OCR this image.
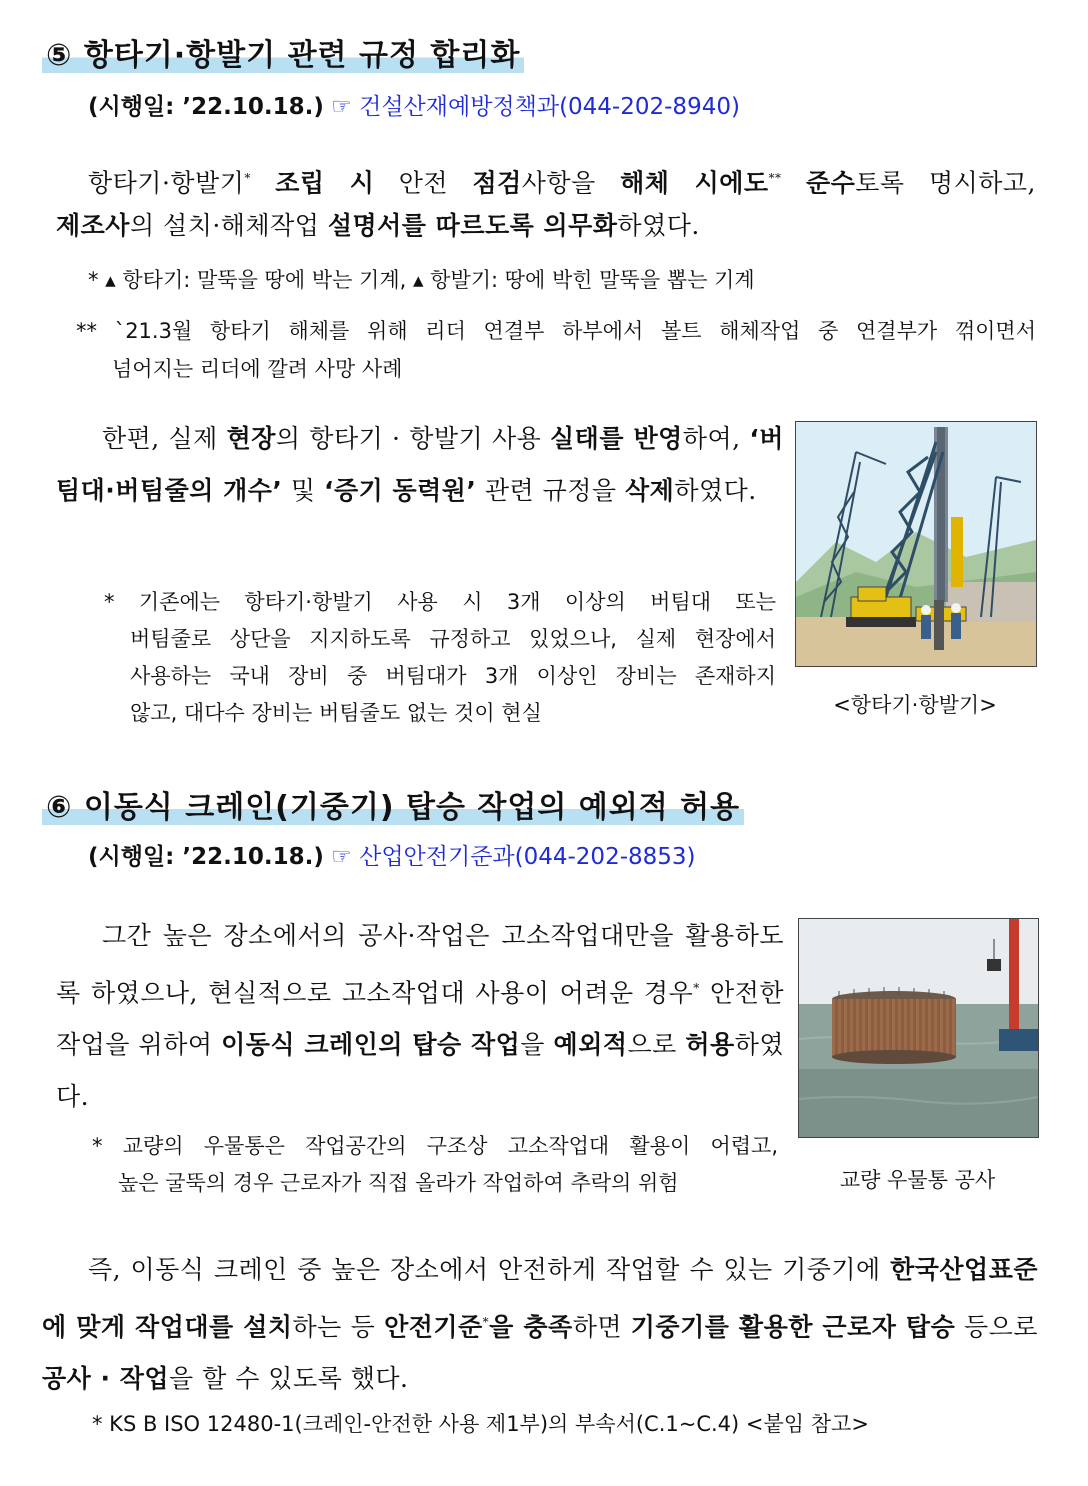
⑤ 항타기·항발기 관련 규정 합리화
(시행일: ’22.10.18.) ☞ 건설산재예방정책과(044-202-8940)
항타기·항발기* 조립 시 안전 점검사항을 해체 시에도** 준수토록 명시하고,
제조사의 설치·해체작업 설명서를 따르도록 의무화하였다.
* ▴ 항타기: 말뚝을 땅에 박는 기계, ▴ 항발기: 땅에 박힌 말뚝을 뽑는 기계
** `21.3월 항타기 해체를 위해 리더 연결부 하부에서 볼트 해체작업 중 연결부가 꺾이면서
넘어지는 리더에 깔려 사망 사례
한편, 실제 현장의 항타기 · 항발기 사용 실태를 반영하여, ‘버팀대·버팀줄의 개수’ 및 ‘증기 동력원’ 관련 규정을 삭제하였다.
* 기존에는 항타기·항발기 사용 시 3개 이상의 버팀대 또는
버팀줄로 상단을 지지하도록 규정하고 있었으나, 실제 현장에서
사용하는 국내 장비 중 버팀대가 3개 이상인 장비는 존재하지
않고, 대다수 장비는 버팀줄도 없는 것이 현실	<항타기·항발기>
⑥ 이동식 크레인(기중기) 탑승 작업의 예외적 허용
(시행일: ’22.10.18.) ☞ 산업안전기준과(044-202-8853)
그간 높은 장소에서의 공사·작업은 고소작업대만을 활용하도록 하였으나, 현실적으로 고소작업대 사용이 어려운 경우* 안전한 작업을 위하여 이동식 크레인의 탑승 작업을 예외적으로 허용하였다.
* 교량의 우물통은 작업공간의 구조상 고소작업대 활용이 어렵고,
높은 굴뚝의 경우 근로자가 직접 올라가 작업하여 추락의 위험	교량 우물통 공사
즉, 이동식 크레인 중 높은 장소에서 안전하게 작업할 수 있는 기중기에 한국산업표준에 맞게 작업대를 설치하는 등 안전기준*을 충족하면 기중기를 활용한 근로자 탑승 등으로 공사 · 작업을 할 수 있도록 했다.
* KS B ISO 12480-1(크레인-안전한 사용 제1부)의 부속서(C.1~C.4) <붙임 참고>
